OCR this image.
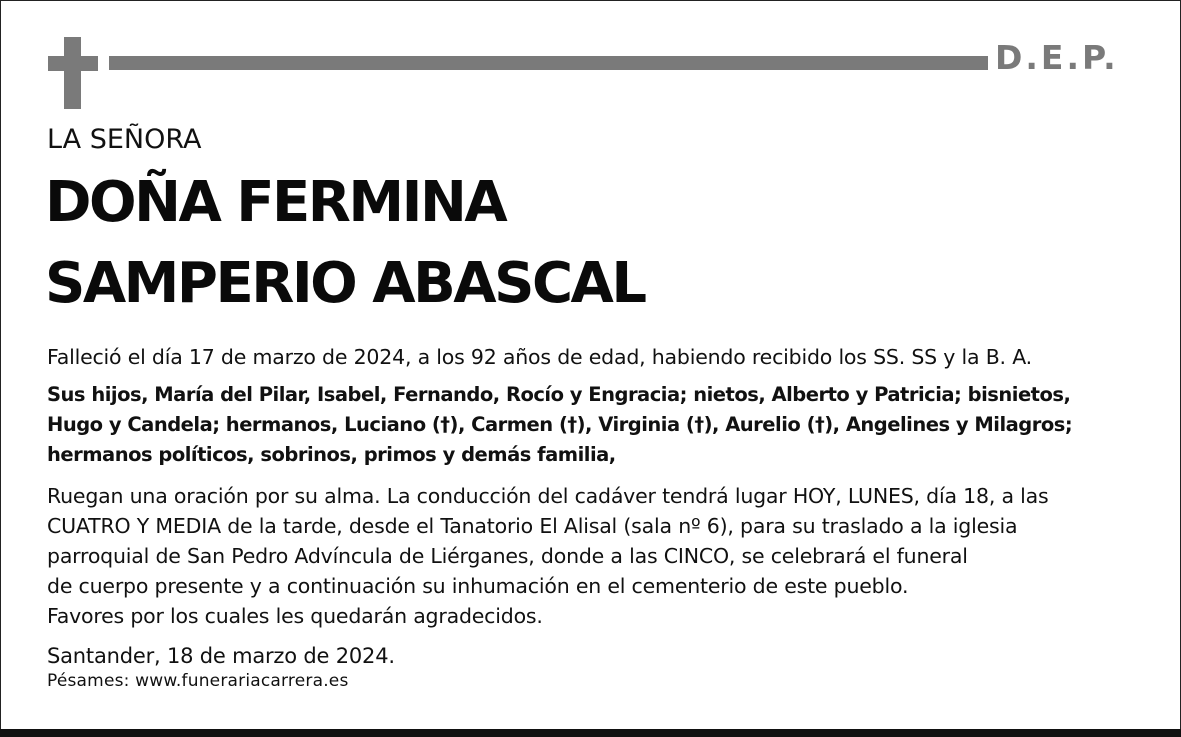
D.E.P.
LA SEÑORA
DOÑA FERMINA
SAMPERIO ABASCAL
Falleció el día 17 de marzo de 2024, a los 92 años de edad, habiendo recibido los SS. SS y la B. A.
Sus hijos, María del Pilar, Isabel, Fernando, Rocío y Engracia; nietos, Alberto y Patricia; bisnietos,
Hugo y Candela; hermanos, Luciano (†), Carmen (†), Virginia (†), Aurelio (†), Angelines y Milagros;
hermanos políticos, sobrinos, primos y demás familia,
Ruegan una oración por su alma. La conducción del cadáver tendrá lugar HOY, LUNES, día 18, a las
CUATRO Y MEDIA de la tarde, desde el Tanatorio El Alisal (sala nº 6), para su traslado a la iglesia
parroquial de San Pedro Advíncula de Liérganes, donde a las CINCO, se celebrará el funeral
de cuerpo presente y a continuación su inhumación en el cementerio de este pueblo.
Favores por los cuales les quedarán agradecidos.
Santander, 18 de marzo de 2024.
Pésames: www.funerariacarrera.es
